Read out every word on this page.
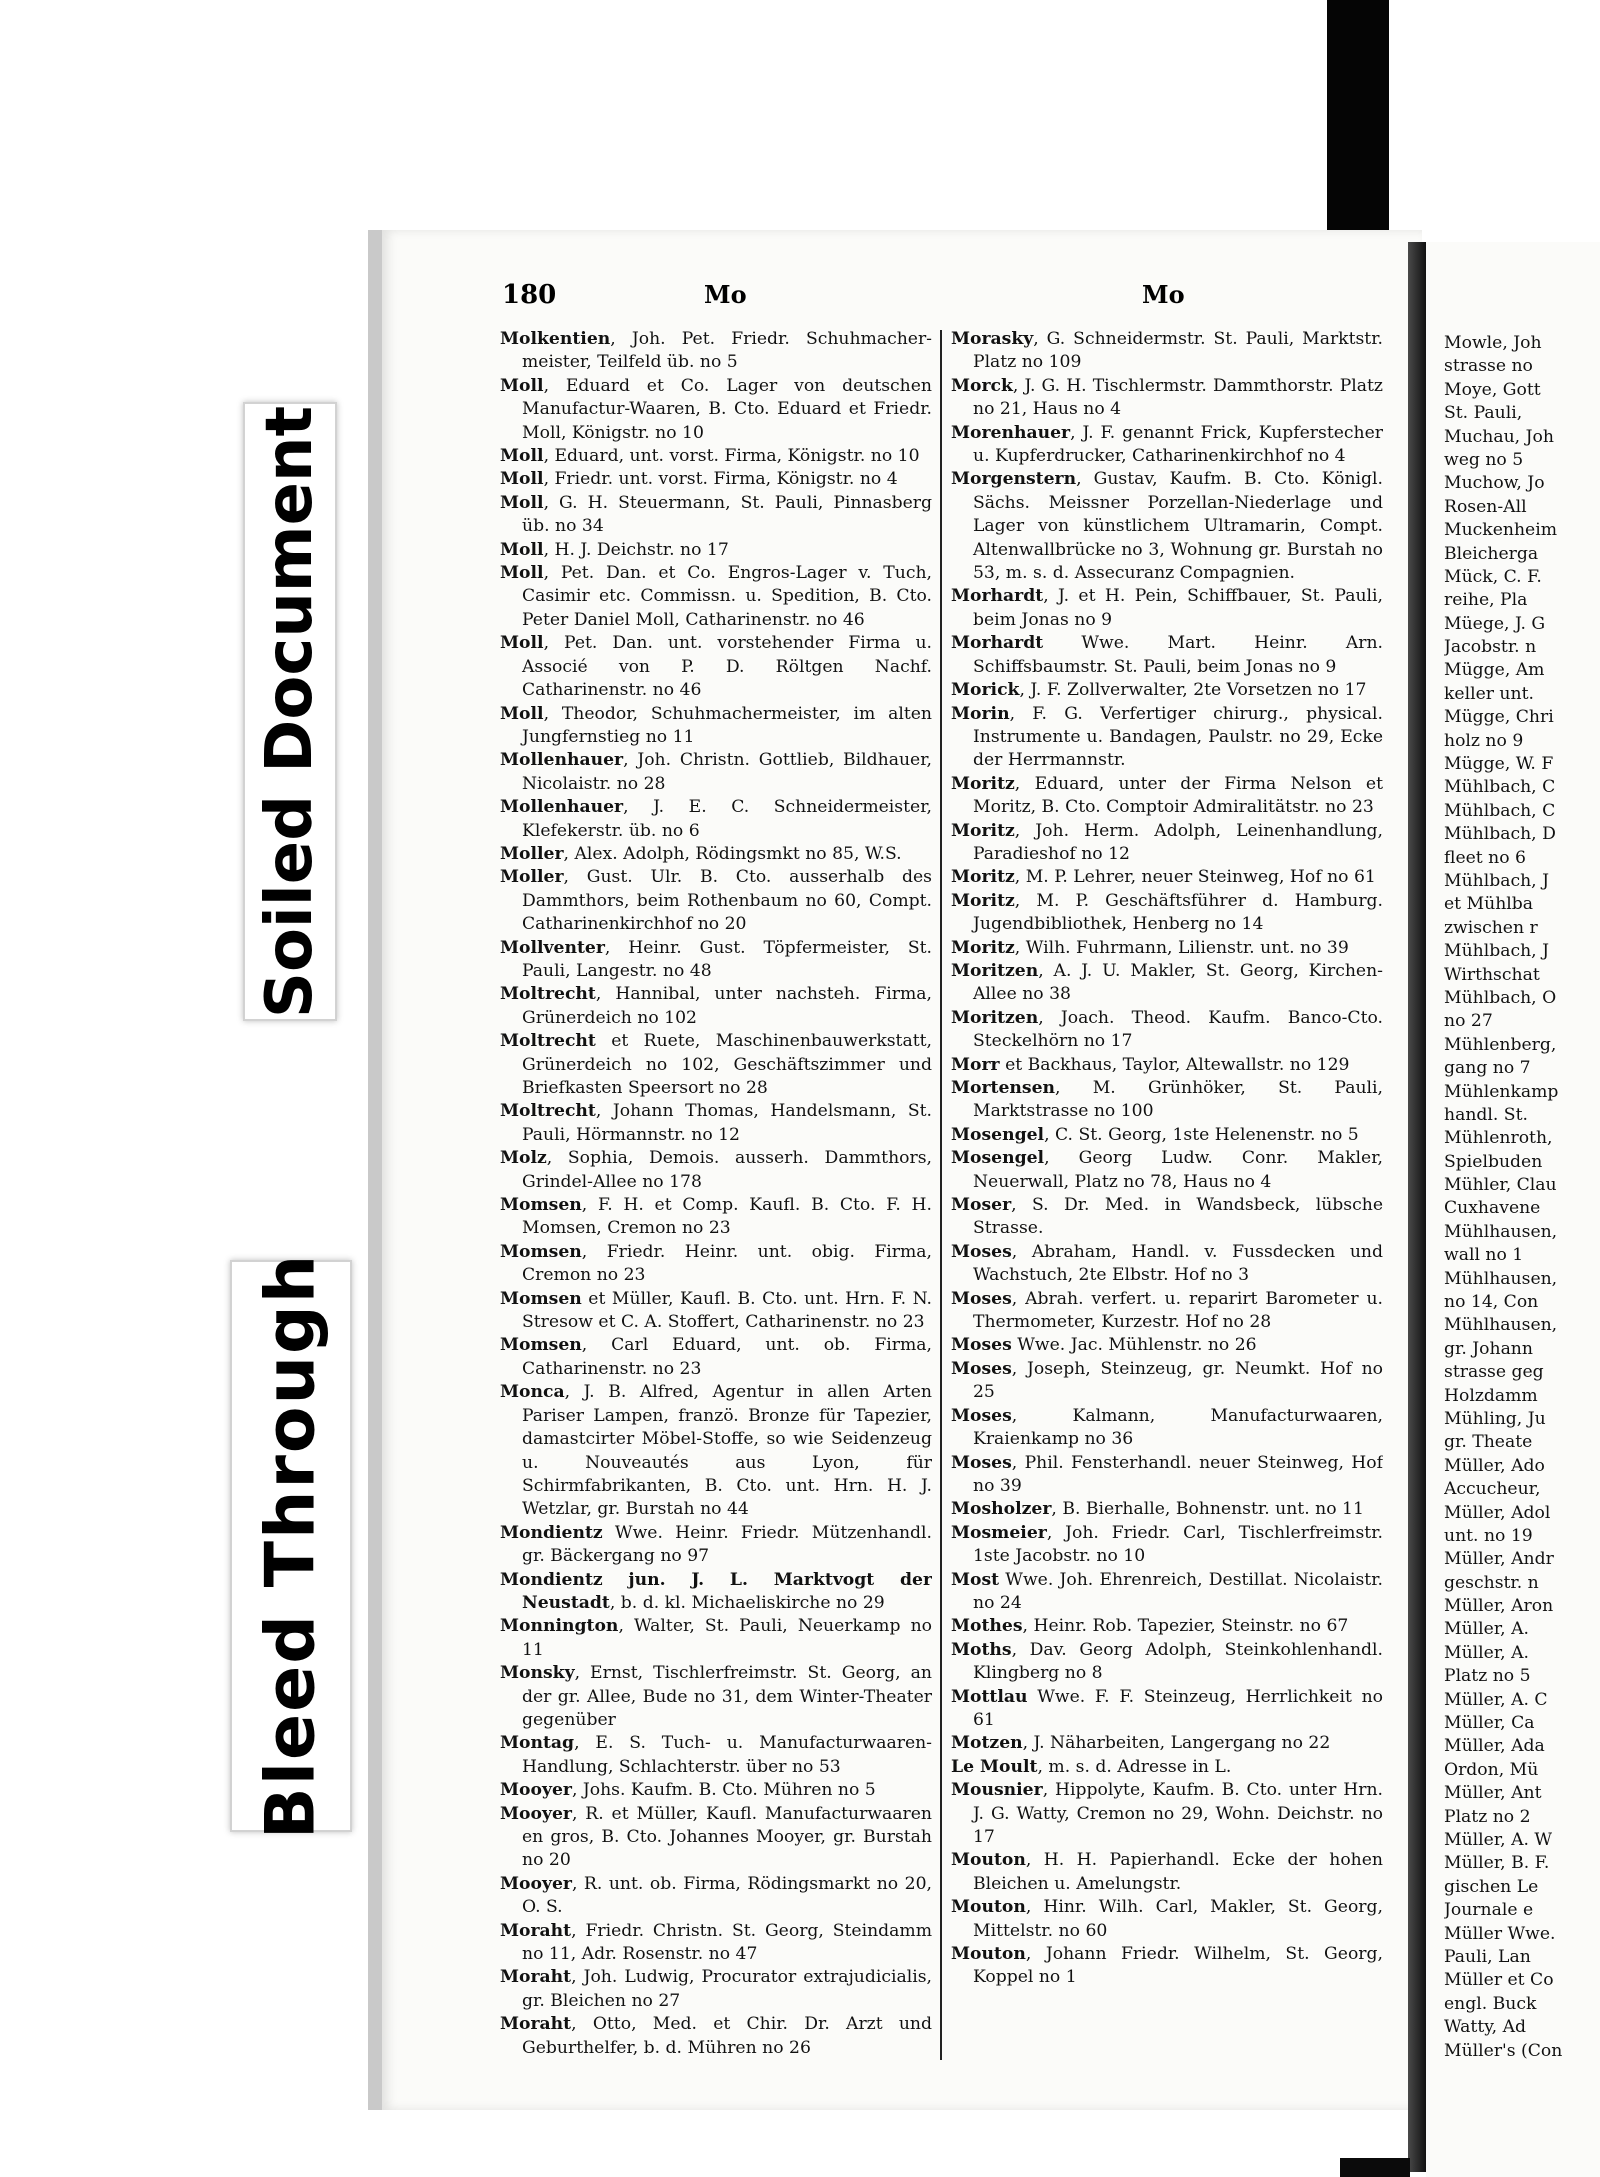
Soiled Document
Bleed Through
180	Mo	Mo

Molkentien, Joh. Pet. Friedr. Schuhmacher-meister, Teilfeld üb. no 5

Moll, Eduard et Co. Lager von deutschen Manufactur-Waaren, B. Cto. Eduard et Friedr. Moll, Königstr. no 10

Moll, Eduard, unt. vorst. Firma, Königstr. no 10

Moll, Friedr. unt. vorst. Firma, Königstr. no 4

Moll, G. H. Steuermann, St. Pauli, Pinnasberg üb. no 34

Moll, H. J. Deichstr. no 17

Moll, Pet. Dan. et Co. Engros-Lager v. Tuch, Casimir etc. Commissn. u. Spedition, B. Cto. Peter Daniel Moll, Catharinenstr. no 46

Moll, Pet. Dan. unt. vorstehender Firma u. Associé von P. D. Röltgen Nachf. Catharinenstr. no 46

Moll, Theodor, Schuhmachermeister, im alten Jungfernstieg no 11

Mollenhauer, Joh. Christn. Gottlieb, Bildhauer, Nicolaistr. no 28

Mollenhauer, J. E. C. Schneidermeister, Klefekerstr. üb. no 6

Moller, Alex. Adolph, Rödingsmkt no 85, W.S.

Moller, Gust. Ulr. B. Cto. ausserhalb des Dammthors, beim Rothenbaum no 60, Compt. Catharinenkirchhof no 20

Mollventer, Heinr. Gust. Töpfermeister, St. Pauli, Langestr. no 48

Moltrecht, Hannibal, unter nachsteh. Firma, Grünerdeich no 102

Moltrecht et Ruete, Maschinenbauwerkstatt, Grünerdeich no 102, Geschäftszimmer und Briefkasten Speersort no 28

Moltrecht, Johann Thomas, Handelsmann, St. Pauli, Hörmannstr. no 12

Molz, Sophia, Demois. ausserh. Dammthors, Grindel-Allee no 178

Momsen, F. H. et Comp. Kaufl. B. Cto. F. H. Momsen, Cremon no 23

Momsen, Friedr. Heinr. unt. obig. Firma, Cremon no 23

Momsen et Müller, Kaufl. B. Cto. unt. Hrn. F. N. Stresow et C. A. Stoffert, Catharinenstr. no 23

Momsen, Carl Eduard, unt. ob. Firma, Catharinenstr. no 23

Monca, J. B. Alfred, Agentur in allen Arten Pariser Lampen, franzö. Bronze für Tapezier, damastcirter Möbel-Stoffe, so wie Seidenzeug u. Nouveautés aus Lyon, für Schirmfabrikanten, B. Cto. unt. Hrn. H. J. Wetzlar, gr. Burstah no 44

Mondientz Wwe. Heinr. Friedr. Mützenhandl. gr. Bäckergang no 97

Mondientz jun. J. L. Marktvogt der Neustadt, b. d. kl. Michaeliskirche no 29

Monnington, Walter, St. Pauli, Neuerkamp no 11

Monsky, Ernst, Tischlerfreimstr. St. Georg, an der gr. Allee, Bude no 31, dem Winter-Theater gegenüber

Montag, E. S. Tuch- u. Manufacturwaaren-Handlung, Schlachterstr. über no 53

Mooyer, Johs. Kaufm. B. Cto. Mühren no 5

Mooyer, R. et Müller, Kaufl. Manufacturwaaren en gros, B. Cto. Johannes Mooyer, gr. Burstah no 20

Mooyer, R. unt. ob. Firma, Rödingsmarkt no 20, O. S.

Moraht, Friedr. Christn. St. Georg, Steindamm no 11, Adr. Rosenstr. no 47

Moraht, Joh. Ludwig, Procurator extrajudicialis, gr. Bleichen no 27

Moraht, Otto, Med. et Chir. Dr. Arzt und Geburthelfer, b. d. Mühren no 26

Morasky, G. Schneidermstr. St. Pauli, Marktstr. Platz no 109

Morck, J. G. H. Tischlermstr. Dammthorstr. Platz no 21, Haus no 4

Morenhauer, J. F. genannt Frick, Kupferstecher u. Kupferdrucker, Catharinenkirchhof no 4

Morgenstern, Gustav, Kaufm. B. Cto. Königl. Sächs. Meissner Porzellan-Niederlage und Lager von künstlichem Ultramarin, Compt. Altenwallbrücke no 3, Wohnung gr. Burstah no 53, m. s. d. Assecuranz Compagnien.

Morhardt, J. et H. Pein, Schiffbauer, St. Pauli, beim Jonas no 9

Morhardt Wwe. Mart. Heinr. Arn. Schiffsbaumstr. St. Pauli, beim Jonas no 9

Morick, J. F. Zollverwalter, 2te Vorsetzen no 17

Morin, F. G. Verfertiger chirurg., physical. Instrumente u. Bandagen, Paulstr. no 29, Ecke der Herrmannstr.

Moritz, Eduard, unter der Firma Nelson et Moritz, B. Cto. Comptoir Admiralitätstr. no 23

Moritz, Joh. Herm. Adolph, Leinenhandlung, Paradieshof no 12

Moritz, M. P. Lehrer, neuer Steinweg, Hof no 61

Moritz, M. P. Geschäftsführer d. Hamburg. Jugendbibliothek, Henberg no 14

Moritz, Wilh. Fuhrmann, Lilienstr. unt. no 39

Moritzen, A. J. U. Makler, St. Georg, Kirchen-Allee no 38

Moritzen, Joach. Theod. Kaufm. Banco-Cto. Steckelhörn no 17

Morr et Backhaus, Taylor, Altewallstr. no 129

Mortensen, M. Grünhöker, St. Pauli, Marktstrasse no 100

Mosengel, C. St. Georg, 1ste Helenenstr. no 5

Mosengel, Georg Ludw. Conr. Makler, Neuerwall, Platz no 78, Haus no 4

Moser, S. Dr. Med. in Wandsbeck, lübsche Strasse.

Moses, Abraham, Handl. v. Fussdecken und Wachstuch, 2te Elbstr. Hof no 3

Moses, Abrah. verfert. u. reparirt Barometer u. Thermometer, Kurzestr. Hof no 28

Moses Wwe. Jac. Mühlenstr. no 26

Moses, Joseph, Steinzeug, gr. Neumkt. Hof no 25

Moses, Kalmann, Manufacturwaaren, Kraienkamp no 36

Moses, Phil. Fensterhandl. neuer Steinweg, Hof no 39

Mosholzer, B. Bierhalle, Bohnenstr. unt. no 11

Mosmeier, Joh. Friedr. Carl, Tischlerfreimstr. 1ste Jacobstr. no 10

Most Wwe. Joh. Ehrenreich, Destillat. Nicolaistr. no 24

Mothes, Heinr. Rob. Tapezier, Steinstr. no 67

Moths, Dav. Georg Adolph, Steinkohlenhandl. Klingberg no 8

Mottlau Wwe. F. F. Steinzeug, Herrlichkeit no 61

Motzen, J. Näharbeiten, Langergang no 22

Le Moult, m. s. d. Adresse in L.

Mousnier, Hippolyte, Kaufm. B. Cto. unter Hrn. J. G. Watty, Cremon no 29, Wohn. Deichstr. no 17

Mouton, H. H. Papierhandl. Ecke der hohen Bleichen u. Amelungstr.

Mouton, Hinr. Wilh. Carl, Makler, St. Georg, Mittelstr. no 60

Mouton, Johann Friedr. Wilhelm, St. Georg, Koppel no 1

Mowle, Joh
strasse no
Moye, Gott
St. Pauli,
Muchau, Joh
weg no 5
Muchow, Jo
Rosen-All
Muckenheim
Bleicherga
Mück, C. F.
reihe, Pla
Müege, J. G
Jacobstr. n
Mügge, Am
keller unt.
Mügge, Chri
holz no 9
Mügge, W. F
Mühlbach, C
Mühlbach, C
Mühlbach, D
fleet no 6
Mühlbach, J
et Mühlba
zwischen r
Mühlbach, J
Wirthschat
Mühlbach, O
no 27
Mühlenberg,
gang no 7
Mühlenkamp
handl. St.
Mühlenroth,
Spielbuden
Mühler, Clau
Cuxhavene
Mühlhausen,
wall no 1
Mühlhausen,
no 14, Con
Mühlhausen,
gr. Johann
strasse geg
Holzdamm
Mühling, Ju
gr. Theate
Müller, Ado
Accucheur,
Müller, Adol
unt. no 19
Müller, Andr
geschstr. n
Müller, Aron
Müller, A.
Müller, A.
Platz no 5
Müller, A. C
Müller, Ca
Müller, Ada
Ordon, Mü
Müller, Ant
Platz no 2
Müller, A. W
Müller, B. F.
gischen Le
Journale e
Müller Wwe.
Pauli, Lan
Müller et Co
engl. Buck
Watty, Ad
Müller's (Con
